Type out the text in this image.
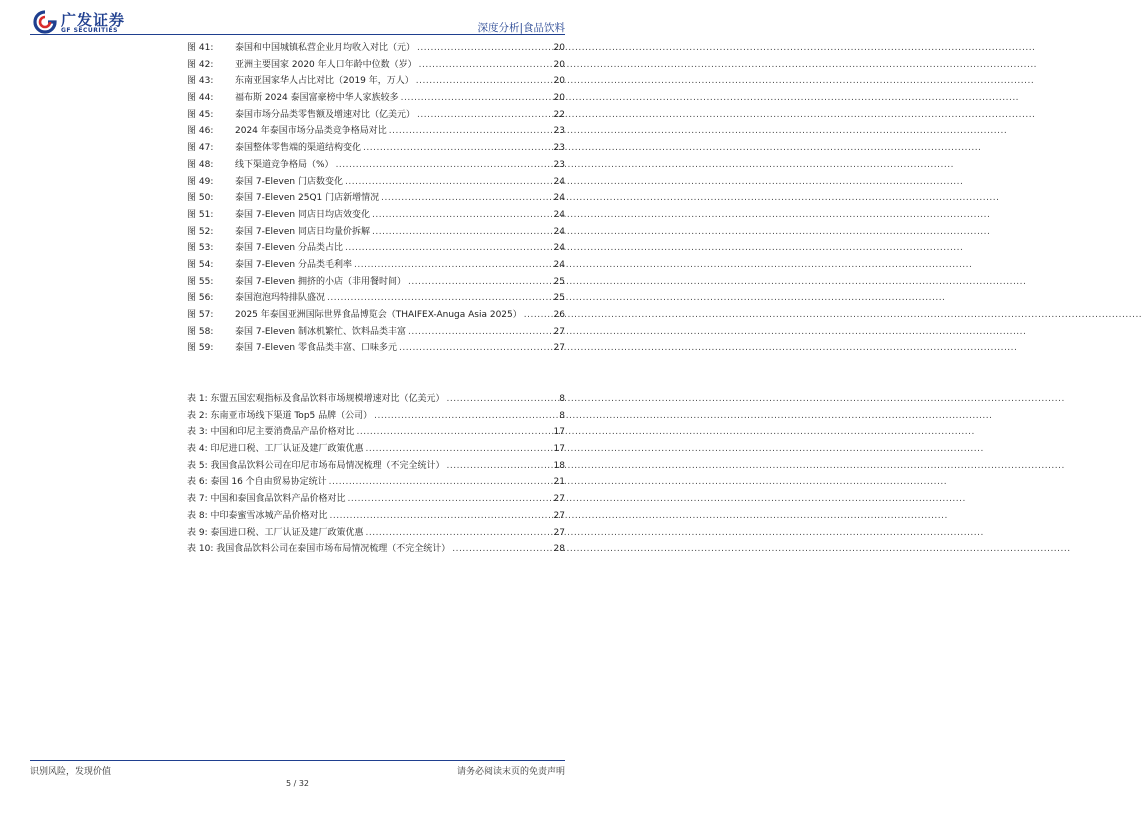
广发证券
GF SECURITIES	深度分析|食品饮料
图 41:	泰国和中国城镇私营企业月均收入对比（元） .....	20
图 42:	亚洲主要国家 2020 年人口年龄中位数（岁） .....	20
图 43:	东南亚国家华人占比对比（2019 年，万人） .....	20
图 44:	福布斯 2024 泰国富豪榜中华人家族较多 .....	20
图 45:	泰国市场分品类零售额及增速对比（亿美元） .....	22
图 46:	2024 年泰国市场分品类竞争格局对比 .....	23
图 47:	泰国整体零售端的渠道结构变化 .....	23
图 48:	线下渠道竞争格局（%） .....	23
图 49:	泰国 7-Eleven 门店数变化 .....	24
图 50:	泰国 7-Eleven 25Q1 门店新增情况 .....	24
图 51:	泰国 7-Eleven 同店日均店效变化 .....	24
图 52:	泰国 7-Eleven 同店日均量价拆解 .....	24
图 53:	泰国 7-Eleven 分品类占比 .....	24
图 54:	泰国 7-Eleven 分品类毛利率 .....	24
图 55:	泰国 7-Eleven 拥挤的小店（非用餐时间） .....	25
图 56:	泰国泡泡玛特排队盛况 .....	25
图 57:	2025 年泰国亚洲国际世界食品博览会（THAIFEX-Anuga Asia 2025） .....	26
图 58:	泰国 7-Eleven 制冰机繁忙、饮料品类丰富 .....	27
图 59:	泰国 7-Eleven 零食品类丰富、口味多元 .....	27
表 1: 东盟五国宏观指标及食品饮料市场规模增速对比（亿美元） .....	8
表 2: 东南亚市场线下渠道 Top5 品牌（公司） .....	8
表 3: 中国和印尼主要消费品产品价格对比 .....	17
表 4: 印尼进口税、工厂认证及建厂政策优惠 .....	17
表 5: 我国食品饮料公司在印尼市场布局情况梳理（不完全统计） .....	18
表 6: 泰国 16 个自由贸易协定统计 .....	21
表 7: 中国和泰国食品饮料产品价格对比 .....	27
表 8: 中印泰蜜雪冰城产品价格对比 .....	27
表 9: 泰国进口税、工厂认证及建厂政策优惠 .....	27
表 10: 我国食品饮料公司在泰国市场布局情况梳理（不完全统计） .....	28
识别风险，发现价值	请务必阅读末页的免责声明
5 / 32
